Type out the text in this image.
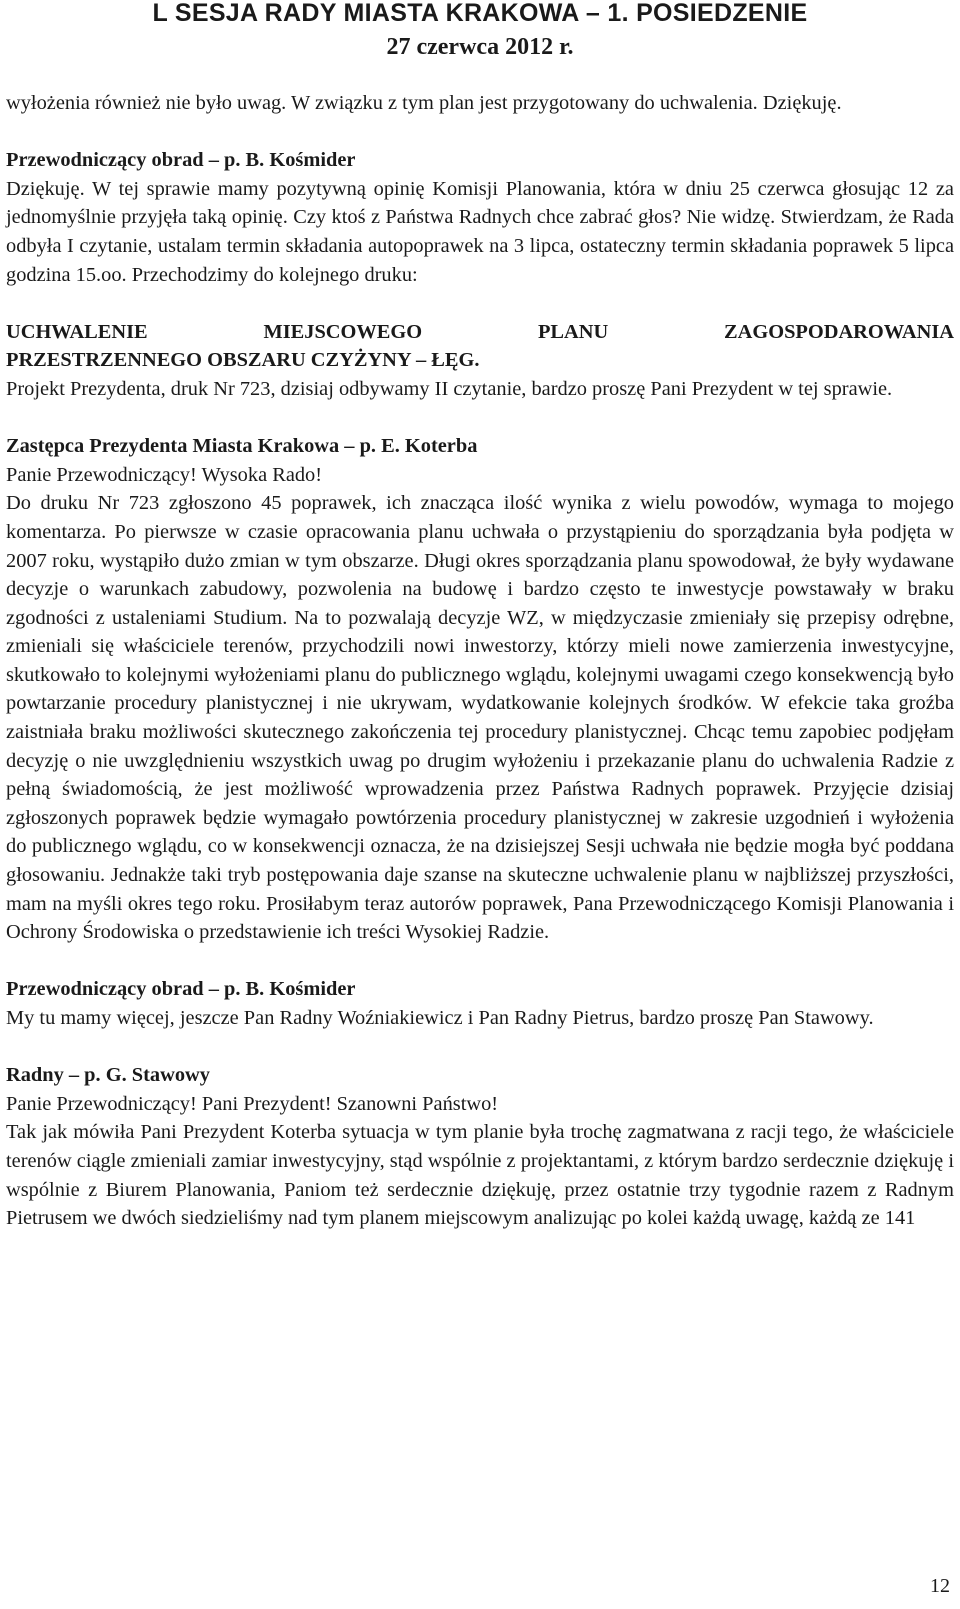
L SESJA RADY MIASTA KRAKOWA – 1. POSIEDZENIE
27 czerwca 2012 r.

wyłożenia również nie było uwag. W związku z tym plan jest przygotowany do uchwalenia. Dziękuję.

Przewodniczący obrad – p. B. Kośmider

Dziękuję. W tej sprawie mamy pozytywną opinię Komisji Planowania, która w dniu 25 czerwca głosując 12 za jednomyślnie przyjęła taką opinię. Czy ktoś z Państwa Radnych chce zabrać głos? Nie widzę. Stwierdzam, że Rada odbyła I czytanie, ustalam termin składania autopoprawek na 3 lipca, ostateczny termin składania poprawek 5 lipca godzina 15.oo. Przechodzimy do kolejnego druku:

UCHWALENIE MIEJSCOWEGO PLANU ZAGOSPODAROWANIA
PRZESTRZENNEGO OBSZARU CZYŻYNY – ŁĘG.

Projekt Prezydenta, druk Nr 723, dzisiaj odbywamy II czytanie, bardzo proszę Pani Prezydent w tej sprawie.

Zastępca Prezydenta Miasta Krakowa – p. E. Koterba
Panie Przewodniczący! Wysoka Rado!

Do druku Nr 723 zgłoszono 45 poprawek, ich znacząca ilość wynika z wielu powodów, wymaga to mojego komentarza. Po pierwsze w czasie opracowania planu uchwała o przystąpieniu do sporządzania była podjęta w 2007 roku, wystąpiło dużo zmian w tym obszarze. Długi okres sporządzania planu spowodował, że były wydawane decyzje o warunkach zabudowy, pozwolenia na budowę i bardzo często te inwestycje powstawały w braku zgodności z ustaleniami Studium. Na to pozwalają decyzje WZ, w międzyczasie zmieniały się przepisy odrębne, zmieniali się właściciele terenów, przychodzili nowi inwestorzy, którzy mieli nowe zamierzenia inwestycyjne, skutkowało to kolejnymi wyłożeniami planu do publicznego wglądu, kolejnymi uwagami czego konsekwencją było powtarzanie procedury planistycznej i nie ukrywam, wydatkowanie kolejnych środków. W efekcie taka groźba zaistniała braku możliwości skutecznego zakończenia tej procedury planistycznej. Chcąc temu zapobiec podjęłam decyzję o nie uwzględnieniu wszystkich uwag po drugim wyłożeniu i przekazanie planu do uchwalenia Radzie z pełną świadomością, że jest możliwość wprowadzenia przez Państwa Radnych poprawek. Przyjęcie dzisiaj zgłoszonych poprawek będzie wymagało powtórzenia procedury planistycznej w zakresie uzgodnień i wyłożenia do publicznego wglądu, co w konsekwencji oznacza, że na dzisiejszej Sesji uchwała nie będzie mogła być poddana głosowaniu. Jednakże taki tryb postępowania daje szanse na skuteczne uchwalenie planu w najbliższej przyszłości, mam na myśli okres tego roku. Prosiłabym teraz autorów poprawek, Pana Przewodniczącego Komisji Planowania i Ochrony Środowiska o przedstawienie ich treści Wysokiej Radzie.

Przewodniczący obrad – p. B. Kośmider

My tu mamy więcej, jeszcze Pan Radny Woźniakiewicz i Pan Radny Pietrus, bardzo proszę Pan Stawowy.

Radny – p. G. Stawowy
Panie Przewodniczący! Pani Prezydent! Szanowni Państwo!

Tak jak mówiła Pani Prezydent Koterba sytuacja w tym planie była trochę zagmatwana z racji tego, że właściciele terenów ciągle zmieniali zamiar inwestycyjny, stąd wspólnie z projektantami, z którym bardzo serdecznie dziękuję i wspólnie z Biurem Planowania, Paniom też serdecznie dziękuję, przez ostatnie trzy tygodnie razem z Radnym Pietrusem we dwóch siedzieliśmy nad tym planem miejscowym analizując po kolei każdą uwagę, każdą ze 141

12
